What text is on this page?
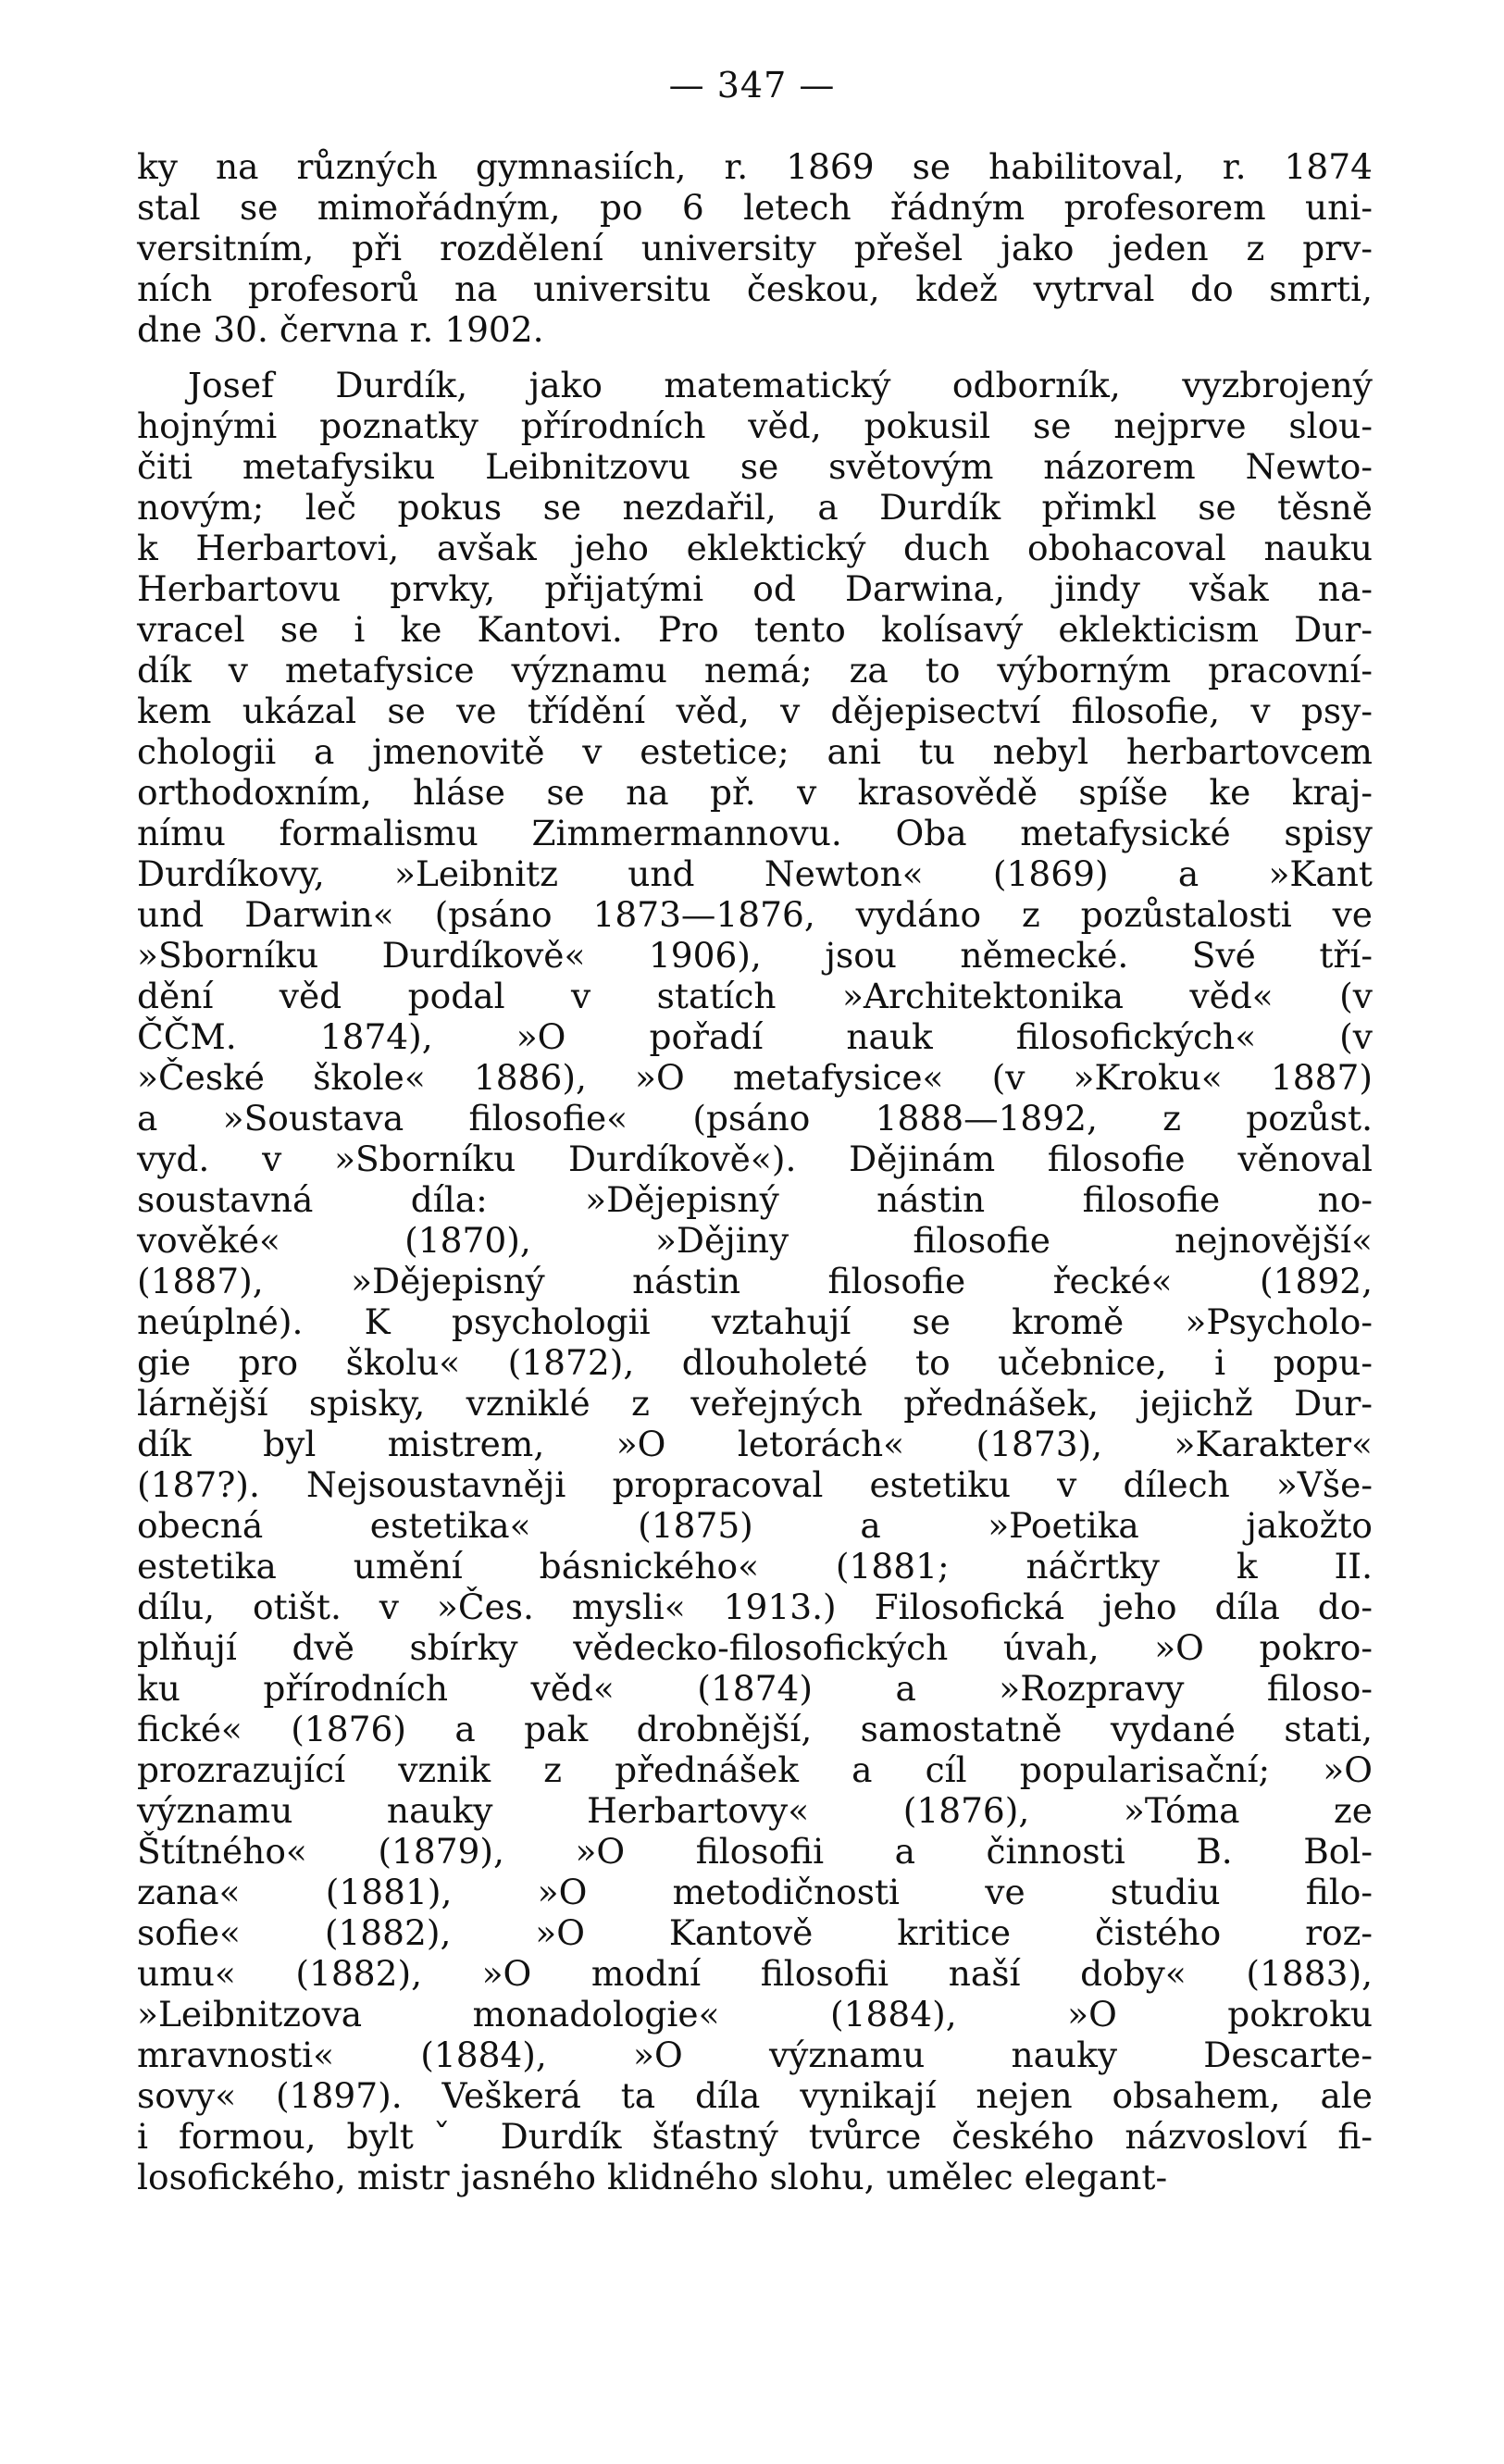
— 347 —
ky na různých gymnasiích, r. 1869 se habilitoval, r. 1874
stal se mimořádným, po 6 letech řádným profesorem uni-
versitním, při rozdělení university přešel jako jeden z prv-
ních profesorů na universitu českou, kdež vytrval do smrti,
dne 30. června r. 1902.
Josef Durdík, jako matematický odborník, vyzbrojený
hojnými poznatky přírodních věd, pokusil se nejprve slou-
čiti metafysiku Leibnitzovu se světovým názorem Newto-
novým; leč pokus se nezdařil, a Durdík přimkl se těsně
k Herbartovi, avšak jeho eklektický duch obohacoval nauku
Herbartovu prvky, přijatými od Darwina, jindy však na-
vracel se i ke Kantovi. Pro tento kolísavý eklekticism Dur-
dík v metafysice významu nemá; za to výborným pracovní-
kem ukázal se ve třídění věd, v dějepisectví filosofie, v psy-
chologii a jmenovitě v estetice; ani tu nebyl herbartovcem
orthodoxním, hlásе se na př. v krasovědě spíše ke kraj-
nímu formalismu Zimmermannovu. Oba metafysické spisy
Durdíkovy, »Leibnitz und Newton« (1869) a »Kant
und Darwin« (psáno 1873—1876, vydáno z pozůstalosti ve
»Sborníku Durdíkově« 1906), jsou německé. Své tří-
dění věd podal v statích »Architektonika věd« (v
ČČM. 1874), »O pořadí nauk filosofických« (v
»České škole« 1886), »O metafysice« (v »Kroku« 1887)
a »Soustava filosofie« (psáno 1888—1892, z pozůst.
vyd. v »Sborníku Durdíkově«). Dějinám filosofie věnoval
soustavná díla: »Dějepisný nástin filosofie no-
vověké« (1870), »Dějiny filosofie nejnovější«
(1887), »Dějepisný nástin filosofie řecké« (1892,
neúplné). K psychologii vztahují se kromě »Psycholo-
gie pro školu« (1872), dlouholeté to učebnice, i popu-
lárnější spisky, vzniklé z veřejných přednášek, jejichž Dur-
dík byl mistrem, »O letorách« (1873), »Karakter«
(187?). Nejsoustavněji propracoval estetiku v dílech »Vše-
obecná estetika« (1875) a »Poetika jakožto
estetika umění básnického« (1881; náčrtky k II.
dílu, otišt. v »Čes. mysli« 1913.) Filosofická jeho díla do-
plňují dvě sbírky vědecko-filosofických úvah, »O pokro-
ku přírodních věd« (1874) a »Rozpravy filoso-
fické« (1876) a pak drobnější, samostatně vydané stati,
prozrazující vznik z přednášek a cíl popularisační; »O
významu nauky Herbartovy« (1876), »Tóma ze
Štítného« (1879), »O filosofii a činnosti B. Bol-
zana« (1881), »O metodičnosti ve studiu filo-
sofie« (1882), »O Kantově kritice čistého roz-
umu« (1882), »O modní filosofii naší doby« (1883),
»Leibnitzova monadologie« (1884), »O pokroku
mravnosti« (1884), »O významu nauky Descarte-
sovy« (1897). Veškerá ta díla vynikají nejen obsahem, ale
i formou, byltˇ Durdík šťastný tvůrce českého názvosloví fi-
losofického, mistr jasného klidného slohu, umělec elegant-
